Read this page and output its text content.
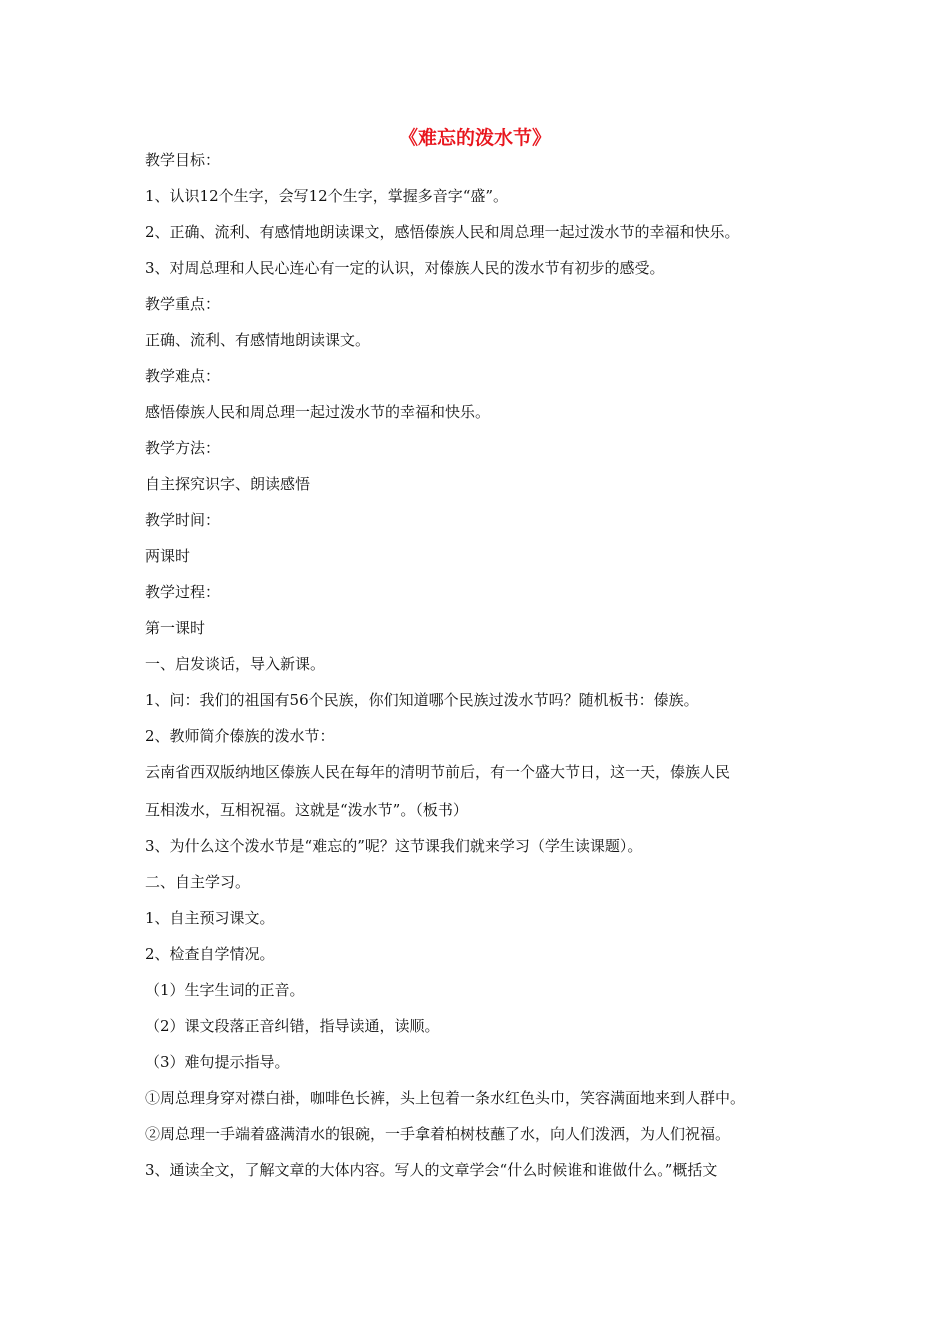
《难忘的泼水节》
教学目标：
1、认识12个生字，会写12个生字，掌握多音字“盛”。
2、正确、流利、有感情地朗读课文，感悟傣族人民和周总理一起过泼水节的幸福和快乐。
3、对周总理和人民心连心有一定的认识，对傣族人民的泼水节有初步的感受。
教学重点：
正确、流利、有感情地朗读课文。
教学难点：
感悟傣族人民和周总理一起过泼水节的幸福和快乐。
教学方法：
自主探究识字、朗读感悟
教学时间：
两课时
教学过程：
第一课时
一、启发谈话，导入新课。
1、问：我们的祖国有56个民族，你们知道哪个民族过泼水节吗？随机板书：傣族。
2、教师简介傣族的泼水节：
云南省西双版纳地区傣族人民在每年的清明节前后，有一个盛大节日，这一天，傣族人民
互相泼水，互相祝福。这就是“泼水节”。（板书）
3、为什么这个泼水节是“难忘的”呢？这节课我们就来学习（学生读课题）。
二、自主学习。
1、自主预习课文。
2、检查自学情况。
（1）生字生词的正音。
（2）课文段落正音纠错，指导读通，读顺。
（3）难句提示指导。
①周总理身穿对襟白褂，咖啡色长裤，头上包着一条水红色头巾，笑容满面地来到人群中。
②周总理一手端着盛满清水的银碗，一手拿着柏树枝蘸了水，向人们泼洒，为人们祝福。
3、通读全文，了解文章的大体内容。写人的文章学会“什么时候谁和谁做什么。”概括文
